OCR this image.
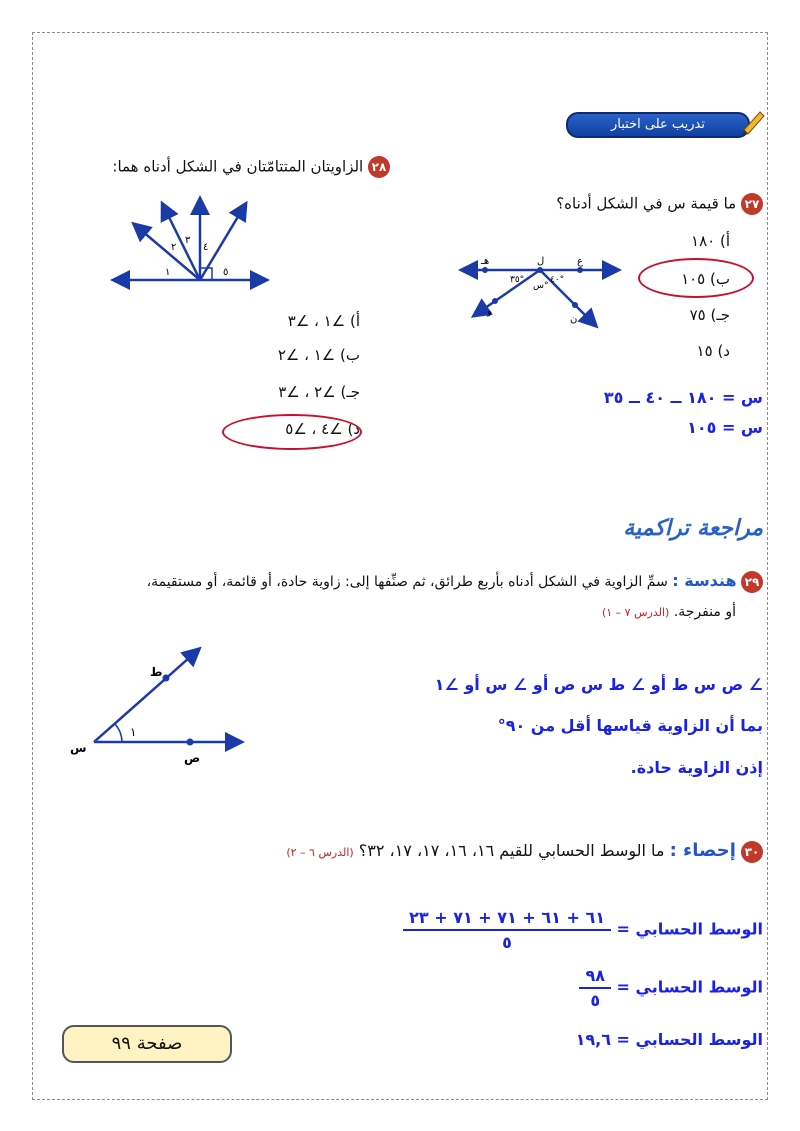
تدريب على اختبار
٢٨ الزاويتان المتتامّتان في الشكل أدناه هما:
١
٢
٣
٤
٥
أ) ∠١ ، ∠٣
ب) ∠١ ، ∠٢
جـ) ∠٢ ، ∠٣
د) ∠٤ ، ∠٥
٢٧ ما قيمة س في الشكل أدناه؟
هـ	ل	ع
و
ن
٣٥°	٤٠°
س°
أ) ١٨٠
ب) ١٠٥
جـ) ٧٥
د) ١٥
س = ١٨٠ ــ ٤٠ ــ ٣٥
س = ١٠٥
مراجعة تراكمية
٢٩ هندسة : سمِّ الزاوية في الشكل أدناه بأربع طرائق، ثم صنِّفها إلى: زاوية حادة، أو قائمة، أو مستقيمة،
أو منفرجة. (الدرس ٧ – ١)
ط
س
ص
١
∠ ص س ط أو ∠ ط س ص أو ∠ س أو ∠١
بما أن الزاوية قياسها أقل من ٩٠°
إذن الزاوية حادة.
٣٠ إحصاء : ما الوسط الحسابي للقيم ١٦، ١٦، ١٧، ١٧، ٣٢؟ (الدرس ٦ – ٢)
الوسط الحسابي =
$\frac{٦١ + ٦١ + ٧١ + ٧١ + ٢٣}{٥}$
الوسط الحسابي =
$\frac{٩٨}{٥}$
الوسط الحسابي = ١٩,٦
صفحة ٩٩
